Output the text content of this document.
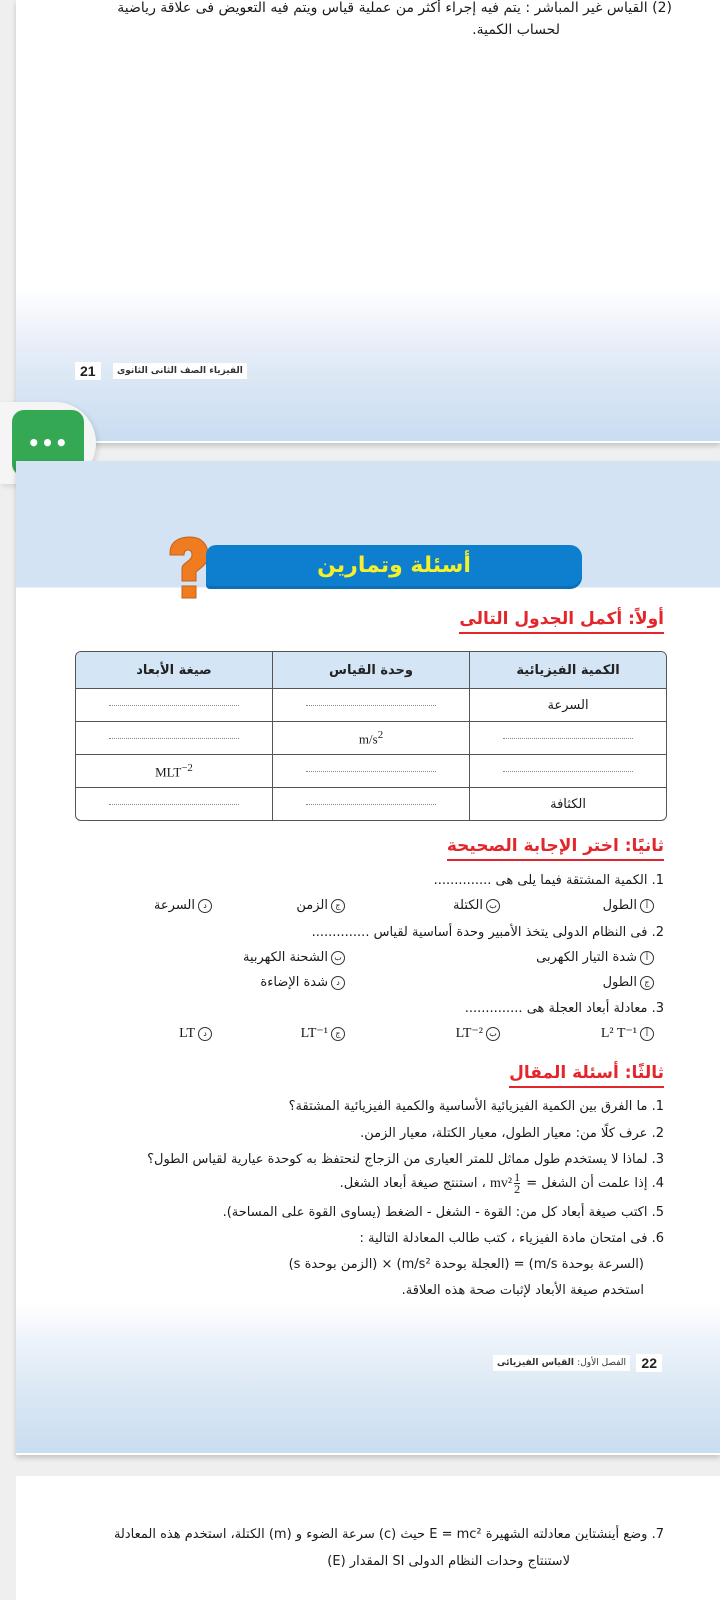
(2) القياس غير المباشر : يتم فيه إجراء أكثر من عملية قياس ويتم فيه التعويض فى علاقة رياضية
لحساب الكمية.
21	الفيزياء الصف الثانى الثانوى
•••
أسئلة وتمارين
أولاً: أكمل الجدول التالى
الكمية الفيزيائية	وحدة القياس	صيغة الأبعاد
السرعة		
	$m/s^2$	
		$MLT^{-2}$
الكثافة		
ثانيًا: اختر الإجابة الصحيحة
1. الكمية المشتقة فيما يلى هى ..............
أالطول
بالكتلة
جالزمن
دالسرعة
2. فى النظام الدولى يتخذ الأمبير وحدة أساسية لقياس ..............
أشدة التيار الكهربى
بالشحنة الكهربية
جالطول
دشدة الإضاءة
3. معادلة أبعاد العجلة هى ..............
أL² T⁻¹
بLT⁻²
جLT⁻¹
دLT
ثالثًا: أسئلة المقال
1. ما الفرق بين الكمية الفيزيائية الأساسية والكمية الفيزيائية المشتقة؟
2. عرف كلًا من: معيار الطول، معيار الكتلة، معيار الزمن.
3. لماذا لا يستخدم طول مماثل للمتر العيارى من الزجاج لنحتفظ به كوحدة عيارية لقياس الطول؟
4. إذا علمت أن الشغل =
$\frac{1}{2}$
mv² ، استنتج صيغة أبعاد الشغل.
5. اكتب صيغة أبعاد كل من: القوة - الشغل - الضغط (يساوى القوة على المساحة).
6. فى امتحان مادة الفيزياء ، كتب طالب المعادلة التالية :
(السرعة بوحدة m/s) = (العجلة بوحدة m/s²) × (الزمن بوحدة s)
استخدم صيغة الأبعاد لإثبات صحة هذه العلاقة.
22
الفصل الأول: القياس الفيزيائى
7. وضع أينشتاين معادلته الشهيرة E = mc² حيث (c) سرعة الضوء و (m) الكتلة، استخدم هذه المعادلة
لاستنتاج وحدات النظام الدولى SI المقدار (E)
